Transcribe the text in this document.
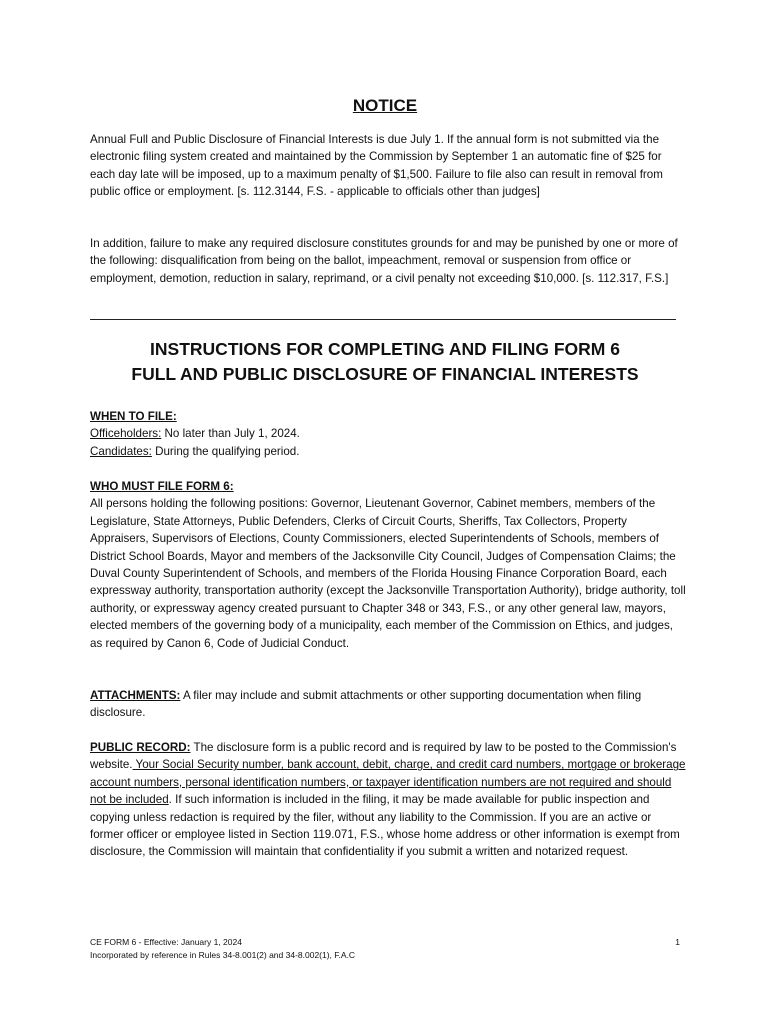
NOTICE

Annual Full and Public Disclosure of Financial Interests is due July 1. If the annual form is not submitted via the electronic filing system created and maintained by the Commission by September 1 an automatic fine of $25 for each day late will be imposed, up to a maximum penalty of $1,500. Failure to file also can result in removal from public office or employment. [s. 112.3144, F.S. - applicable to officials other than judges]

In addition, failure to make any required disclosure constitutes grounds for and may be punished by one or more of the following: disqualification from being on the ballot, impeachment, removal or suspension from office or employment, demotion, reduction in salary, reprimand, or a civil penalty not exceeding $10,000. [s. 112.317, F.S.]

INSTRUCTIONS FOR COMPLETING AND FILING FORM 6
FULL AND PUBLIC DISCLOSURE OF FINANCIAL INTERESTS
WHEN TO FILE:
Officeholders: No later than July 1, 2024.
Candidates: During the qualifying period.
WHO MUST FILE FORM 6:
All persons holding the following positions: Governor, Lieutenant Governor, Cabinet members, members of the Legislature, State Attorneys, Public Defenders, Clerks of Circuit Courts, Sheriffs, Tax Collectors, Property Appraisers, Supervisors of Elections, County Commissioners, elected Superintendents of Schools, members of District School Boards, Mayor and members of the Jacksonville City Council, Judges of Compensation Claims; the Duval County Superintendent of Schools, and members of the Florida Housing Finance Corporation Board, each expressway authority, transportation authority (except the Jacksonville Transportation Authority), bridge authority, toll authority, or expressway agency created pursuant to Chapter 348 or 343, F.S., or any other general law, mayors, elected members of the governing body of a municipality, each member of the Commission on Ethics, and judges, as required by Canon 6, Code of Judicial Conduct.
ATTACHMENTS: A filer may include and submit attachments or other supporting documentation when filing disclosure.
PUBLIC RECORD: The disclosure form is a public record and is required by law to be posted to the Commission's website. Your Social Security number, bank account, debit, charge, and credit card numbers, mortgage or brokerage account numbers, personal identification numbers, or taxpayer identification numbers are not required and should not be included. If such information is included in the filing, it may be made available for public inspection and copying unless redaction is required by the filer, without any liability to the Commission. If you are an active or former officer or employee listed in Section 119.071, F.S., whose home address or other information is exempt from disclosure, the Commission will maintain that confidentiality if you submit a written and notarized request.
CE FORM 6 - Effective: January 1, 2024
Incorporated by reference in Rules 34-8.001(2) and 34-8.002(1), F.A.C
1
